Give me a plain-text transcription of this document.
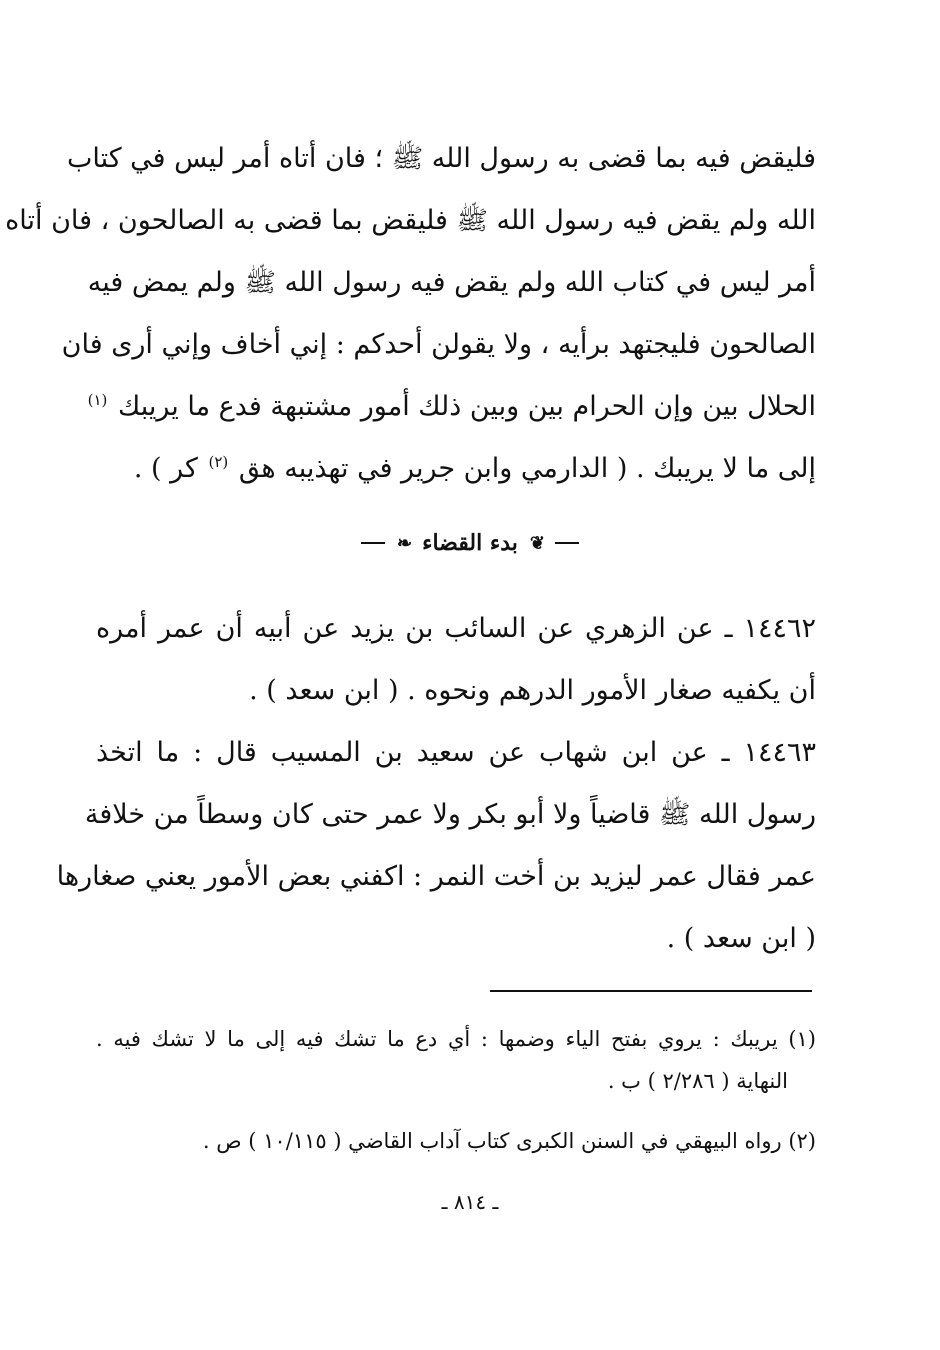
فليقض فيه بما قضى به رسول الله ﷺ ؛ فان أتاه أمر ليس في كتاب
الله ولم يقض فيه رسول الله ﷺ فليقض بما قضى به الصالحون ، فان أتاه
أمر ليس في كتاب الله ولم يقض فيه رسول الله ﷺ ولم يمض فيه
الصالحون فليجتهد برأيه ، ولا يقولن أحدكم : إني أخاف وإني أرى فان
الحلال بين وإن الحرام بين وبين ذلك أمور مشتبهة فدع ما يريبك $^{(١)}$
إلى ما لا يريبك . ( الدارمي وابن جرير في تهذيبه هق $^{(٢)}$ كر ) .
❦
بدء القضاء
❧
١٤٤٦٢ ـ عن الزهري عن السائب بن يزيد عن أبيه أن عمر أمره
أن يكفيه صغار الأمور الدرهم ونحوه . ( ابن سعد ) .
١٤٤٦٣ ـ عن ابن شهاب عن سعيد بن المسيب قال : ما اتخذ
رسول الله ﷺ قاضياً ولا أبو بكر ولا عمر حتى كان وسطاً من خلافة
عمر فقال عمر ليزيد بن أخت النمر : اكفني بعض الأمور يعني صغارها
( ابن سعد ) .
(١) يريبك : يروي بفتح الياء وضمها : أي دع ما تشك فيه إلى ما لا تشك فيه .
النهاية ( ٢/٢٨٦ ) ب .
(٢) رواه البيهقي في السنن الكبرى كتاب آداب القاضي ( ١٠/١١٥ ) ص .
ـ ٨١٤ ـ
